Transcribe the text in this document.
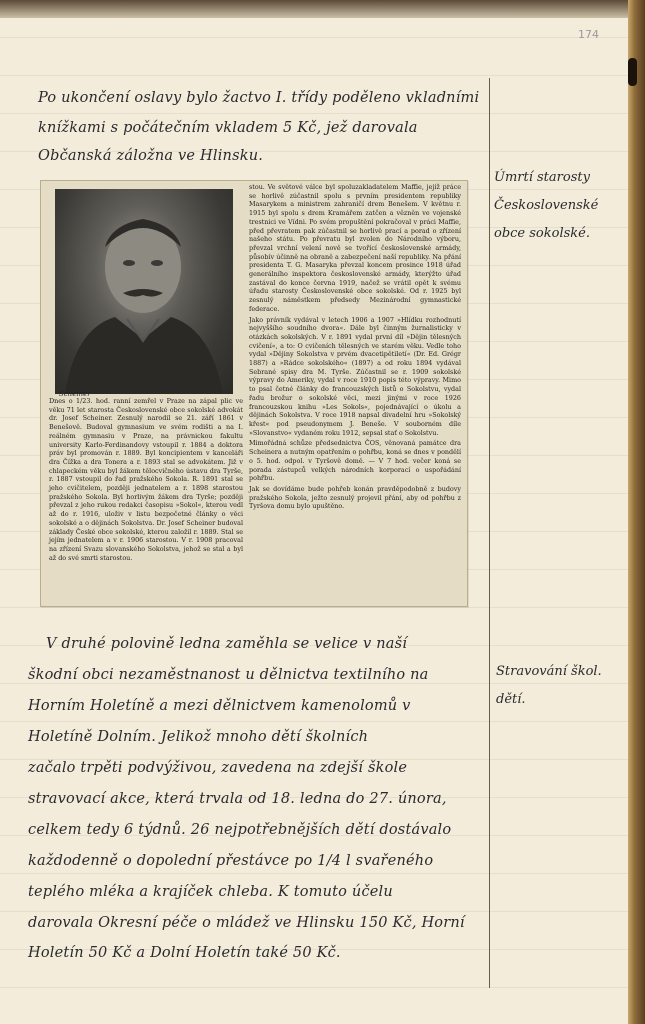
174
Po ukončení oslavy bylo žactvo I. třídy poděleno vkladními
knížkami s počátečním vkladem 5 Kč, jež darovala
Občanská záložna ve Hlinsku.
Úmrtí starosty
Československé
obce sokolské.
Scheiner

Dnes o 1/23. hod. ranní zemřel v Praze na zápal plic ve věku 71 let starosta Československé obce sokolské advokát dr. Josef Scheiner. Zesnulý narodil se 21. září 1861 v Benešově. Budoval gymnasium ve svém rodišti a na I. reálném gymnasiu v Praze, na právnickou fakultu university Karlo-Ferdinandovy vstoupil r. 1884 a doktora práv byl promován r. 1889. Byl koncipientem v kanceláři dra Čížka a dra Tonera a r. 1893 stal se advokátem. Již v chlapeckém věku byl žákem tělocvičného ústavu dra Tyrše, r. 1887 vstoupil do řad pražského Sokola. R. 1891 stal se jeho cvičitelem, později jednatelem a r. 1898 starostou pražského Sokola. Byl horlivým žákem dra Tyrše; později převzal z jeho rukou redakci časopisu »Sokol«, kterou vedl až do r. 1916, uloživ v listu bezpočetné články o věci sokolské a o dějinách Sokolstva. Dr. Josef Scheiner budoval základy České obce sokolské, kterou založil r. 1889. Stal se jejím jednatelem a v r. 1906 starostou. V r. 1908 pracoval na zřízení Svazu slovanského Sokolstva, jehož se stal a byl až do své smrti starostou.

stou. Ve světové válce byl spoluzakladatelem Maffie, jejíž práce se horlivě zúčastnil spolu s prvním presidentem republiky Masarykem a ministrem zahraničí drem Benešem. V květnu r. 1915 byl spolu s drem Kramářem zatčen a vězněn ve vojenské trestnici ve Vídni. Po svém propuštění pokračoval v práci Maffie, před převratem pak zúčastnil se horlivě prací a porad o zřízení našeho státu. Po převratu byl zvolen do Národního výboru, převzal vrchní velení nově se tvořící československé armády, působív účinně na obraně a zabezpečení naší republiky. Na přání presidenta T. G. Masaryka převzal koncem prosince 1918 úřad generálního inspektora československé armády, kterýžto úřad zastával do konce června 1919, načež se vrátil opět k svému úřadu starosty Československé obce sokolské. Od r. 1925 byl zesnulý náměstkem předsedy Mezinárodní gymnastické federace.

Jako právník vydával v letech 1906 a 1907 »Hlídku rozhodnutí nejvyššího soudního dvora«. Dále byl činným žurnalisticky v otázkách sokolských. V r. 1891 vydal první díl »Dějin tělesných cvičení«, a to: O cvičeních tělesných ve starém věku. Vedle toho vydal »Dějiny Sokolstva v prvém dvacetipětiletí« (Dr. Ed. Grégr 1887) a »Rádce sokolského« (1897) a od roku 1894 vydával Sebrané spisy dra M. Tyrše. Zúčastnil se r. 1909 sokolské výpravy do Ameriky, vydal v roce 1910 popis této výpravy. Mimo to psal četné články do francouzských listů o Sokolstvu, vydal řadu brožur o sokolské věci, mezi jinými v roce 1926 francouzskou knihu »Les Sokols«, pojednávající o úkolu a dějinách Sokolstva. V roce 1918 napsal divadelní hru »Sokolský křest« pod pseudonymem J. Beneše. V souborném díle »Slovanstvo« vydaném roku 1912, sepsal stať o Sokolstvu.

Mimořádná schůze předsednictva ČOS, věnovaná památce dra Scheinera a nutným opatřením o pohřbu, koná se dnes v pondělí o 5. hod. odpol. v Tyršově domě. — V 7 hod. večer koná se porada zástupců velkých národních korporací o uspořádání pohřbu.

Jak se dovídáme bude pohřeb konán pravděpodobně z budovy pražského Sokola, ježto zesnulý projevil přání, aby od pohřbu z Tyršova domu bylo upuštěno.

Stravování škol.
dětí.
V druhé polovině ledna zaměhla se velice v naší
škodní obci nezaměstnanost u dělnictva textilního na
Horním Holetíně a mezi dělnictvem kamenolomů v
Holetíně Dolním. Jelikož mnoho dětí školních
začalo trpěti podvýživou, zavedena na zdejší škole
stravovací akce, která trvala od 18. ledna do 27. února,
celkem tedy 6 týdnů. 26 nejpotřebnějších dětí dostávalo
každodenně o dopolední přestávce po 1/4 l svařeného
teplého mléka a krajíček chleba. K tomuto účelu
darovala Okresní péče o mládež ve Hlinsku 150 Kč, Horní
Holetín 50 Kč a Dolní Holetín také 50 Kč.
